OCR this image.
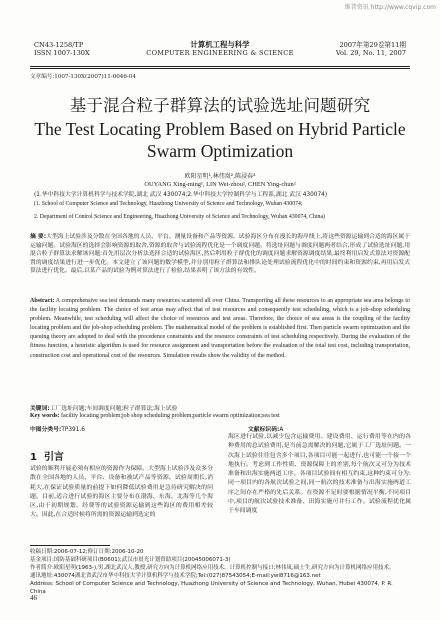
维普资讯 http://www.cqvip.com
CN43-1258/TP
ISSN 1007-130X
计算机工程与科学
COMPUTER ENGINEERING & SCIENCE
2007年第29卷第11期
Vol. 29, No. 11, 2007
文章编号:1007-130X(2007)11-0046-04
基于混合粒子群算法的试验选址问题研究
The Test Locating Problem Based on Hybrid Particle Swarm Optimization
欧阳星明¹,林伟岚²,陈浸春²
OUYANG Xing-ming¹, LIN Wei-zhou², CHEN Ying-chun²
(1.华中科技大学计算机科学与技术学院,湖北 武汉 430074;2.华中科技大学控制科学与工程系,湖北 武汉 430074)
(1. School of Computer Science and Technology, Huazhong University of Science and Technology, Wuhan 430074;
2. Department of Control Science and Engineering, Huazhong University of Science and Technology, Wuhan 430074, China)
摘 要:大型海上试验涉及分散在全国各地的人员、平台、测量设备和产品等资源。试验海区分布在漫长的海岸线上,将这些资源运输到合适的海区属于运输问题。试验海区的选择会影响资源的取舍,资源的取舍与试验流程优化是一个调度问题。将选址问题与调度问题两者结合,形成了试验选址问题,用混合粒子群算法求解该问题:首先用层次分析法选择合适的试验海区,然后利用粒子群优化的调度问题求解资源调度结果,最终利用启发式算法对资源配置的调度结果进行进一步优化。本文建立了该问题的数学模型,并分别用粒子群算法和排队论处理试验流程优化中的时间约束和资源约束,再用启发式算法进行优化。最后,以某产品的试验为例对算法进行了检验,结果表明了该方法的有效性。
Abstract: A comprehensive sea test demands many resources scattered all over China. Transporting all these resources to an appropriate sea area belongs to the facility locating problem. The choice of test areas may affect that of test resources and consequently test scheduling, which is a job-shop scheduling problem. Meanwhile, test scheduling will affect the choice of resources and test areas. Therefore, the choice of sea areas is the coupling of the facility locating problem and the job-shop scheduling problem. The mathematical model of the problem is established first. Then particle swarm optimization and the queuing theory are adopted to deal with the precedence constraints and the resource constraints of test scheduling respectively. During the evaluation of the fitness function, a heuristic algorithm is used for resource assignment and transportation before the evaluation of the total test cost, including transportation, construction cost and operational cost of the resources. Simulation results show the validity of the method.
关键词:工厂选址问题;车间调度问题;粒子群算法;海上试验
Key words: facility locating problem;job shop scheduling problem;particle swarm optimization;sea test
中图分类号:TP391.6	文献标识码:A
1 引言

试验的顺利开展必须有相应的资源作为保障。大型海上试验涉及众多分散在全国各地的人员、平台、设备和被试产品等资源。试验周期长,消耗大,在保证试验质量的前提下如何降低试验费用是急待研究解决的问题。目前,适合进行试验的海区主要分布在渤海、东海、北海等几个海区,由于初期规划、经费等的试验资源运输到这些海区的费用相差较大。因此,在合适时候将所需的资源运输到选定的

海区进行试验,以减少包含运输费用、建设费用、运行费用等在内的各种费用的总试验费用,是当前急需解决的问题,它属于工厂选址问题。一次海上试验往往包含多个项目,各项目可能一起进行,也可能一个接一个地执行。考虑到工作性质、资源保障上的差别,每个航次又可分为技术准备和出海实施两道工序。各项目试验间有相互约束,这种约束可分为:同一项目内的各航次试验之间,同一航次的技术准备与出海实施两道工序之间存在严格的先后关系。在资源不足时要根据情况平衡,不同项目中,项目的航次试验技术准备、出海实施可并行工作。试验流程优化属于车间调度

收稿日期:2006-07-12;修订日期:2006-10-20
基金项目:国防基础科研项目(B0601);武汉市晨光计划资助项目(20045006071-3)
作者简介:欧阳星明(1963-),男,湖北武汉人,教授,研究方向为计算机网络应用技术、计算机控制与接口;林伟岚,硕士生,研究方向为计算机网络应用技术。
通讯地址:430074湖北省武汉市华中科技大学计算机科学与技术学院;Tel:(027)87543054;E-mail:ywl8716@163.net
Address: School of Computer Science and Technology, Huazhong University of Science and Technology, Wuhan, Hubei 430074, P. R. China
46
